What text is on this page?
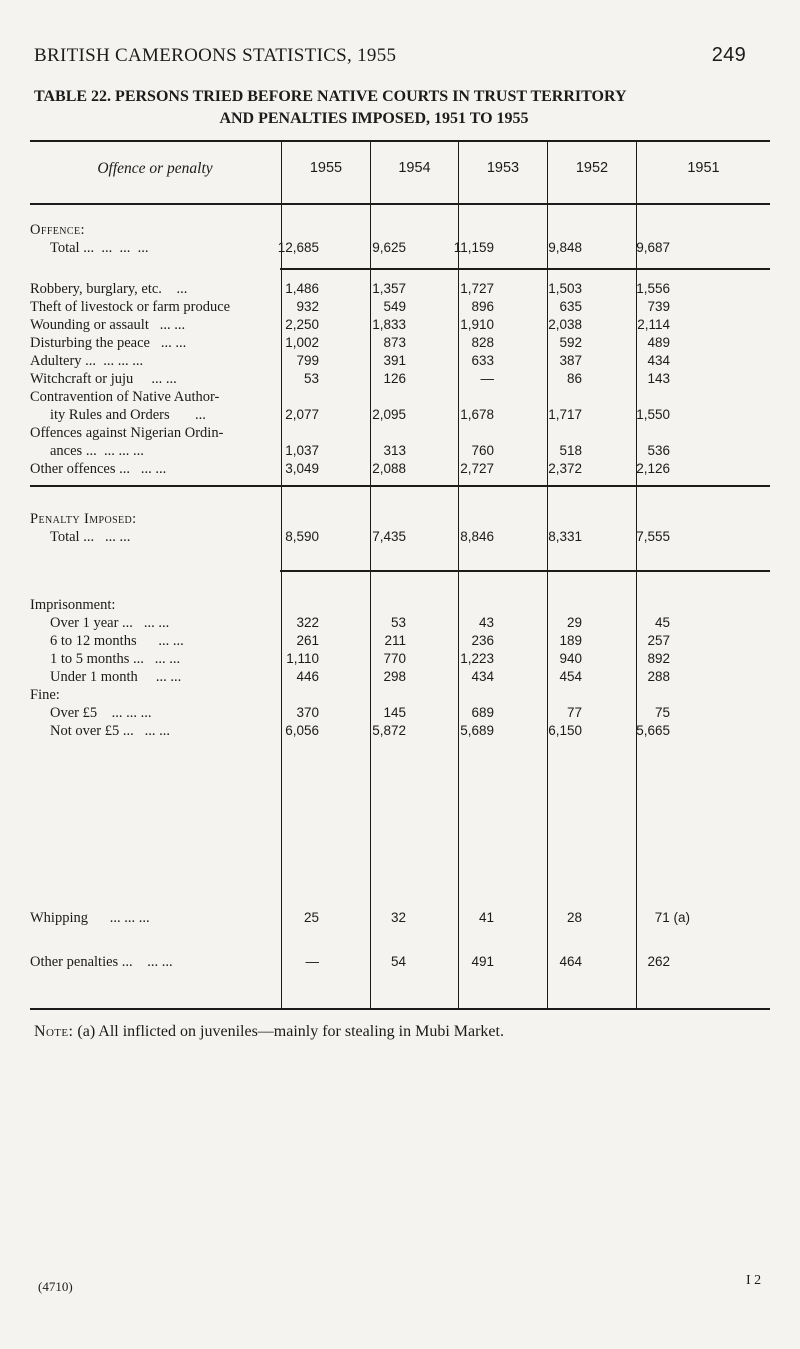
BRITISH CAMEROONS STATISTICS, 1955	249
TABLE 22. PERSONS TRIED BEFORE NATIVE COURTS IN TRUST TERRITORY
AND PENALTIES IMPOSED, 1951 TO 1955
Offence or penalty	1955	1954	1953	1952	1951
Offence:
Total ...  ...  ...  ...	12,685	9,625	11,159	9,848	9,687
Robbery, burglary, etc. ...	1,486	1,357	1,727	1,503	1,556
Theft of livestock or farm produce	932	549	896	635	739
Wounding or assault ... ...	2,250	1,833	1,910	2,038	2,114
Disturbing the peace ... ...	1,002	873	828	592	489
Adultery ... ... ... ...	799	391	633	387	434
Witchcraft or juju ... ...	53	126	—	86	143
Contravention of Native Author-
ity Rules and Orders ...	2,077	2,095	1,678	1,717	1,550
Offences against Nigerian Ordin-
ances ... ... ... ...	1,037	313	760	518	536
Other offences ... ... ...	3,049	2,088	2,727	2,372	2,126
Penalty Imposed:
Total ... ... ...	8,590	7,435	8,846	8,331	7,555
Imprisonment:
Over 1 year ... ... ...	322	53	43	29	45
6 to 12 months ... ...	261	211	236	189	257
1 to 5 months ... ... ...	1,110	770	1,223	940	892
Under 1 month ... ...	446	298	434	454	288
Fine:
Over £5 ... ... ...	370	145	689	77	75
Not over £5 ... ... ...	6,056	5,872	5,689	6,150	5,665
Whipping ... ... ...	25	32	41	28	71 (a)
Other penalties ... ... ...	—	54	491	464	262
Note: (a) All inflicted on juveniles—mainly for stealing in Mubi Market.
(4710)	I 2
